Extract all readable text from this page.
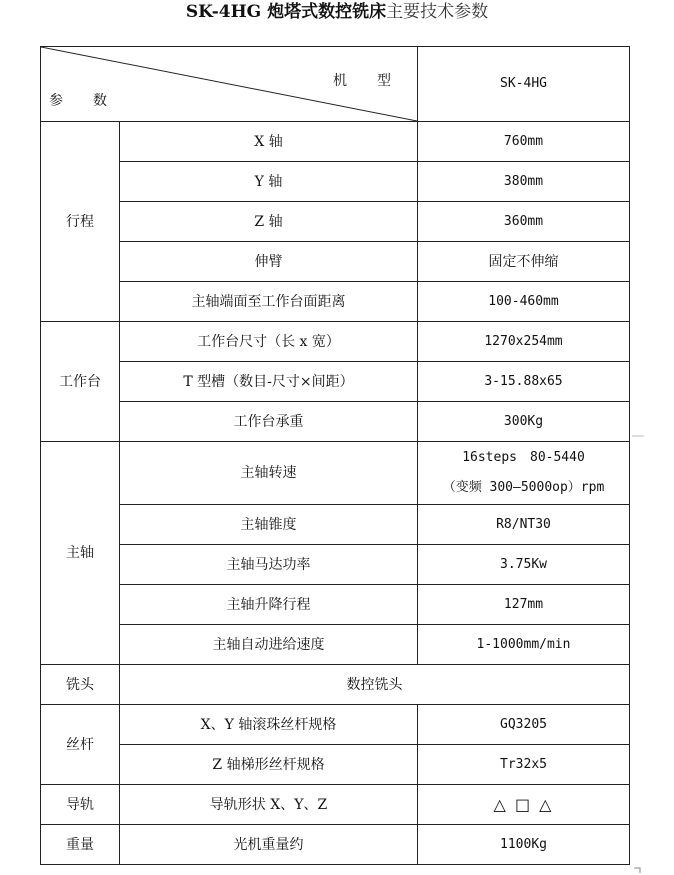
SK-4HG 炮塔式数控铣床主要技术参数
机　型
参　数		SK-4HG
行程	X 轴	760mm
	Y 轴	380mm
	Z 轴	360mm
	伸臂	固定不伸缩
	主轴端面至工作台面距离	100-460mm
工作台	工作台尺寸（长 x 宽）	1270x254mm
	T 型槽（数目-尺寸×间距）	3-15.88x65
	工作台承重	300Kg
主轴	主轴转速	16steps　80-5440
（变频 300—5000op）rpm

	主轴锥度	R8/NT30
	主轴马达功率	3.75Kw
	主轴升降行程	127mm
	主轴自动进给速度	1-1000mm/min
铣头	数控铣头	
丝杆	X、Y 轴滚珠丝杆规格	GQ3205
	Z 轴梯形丝杆规格	Tr32x5
导轨	导轨形状 X、Y、Z	△ □ △
重量	光机重量约	1100Kg
